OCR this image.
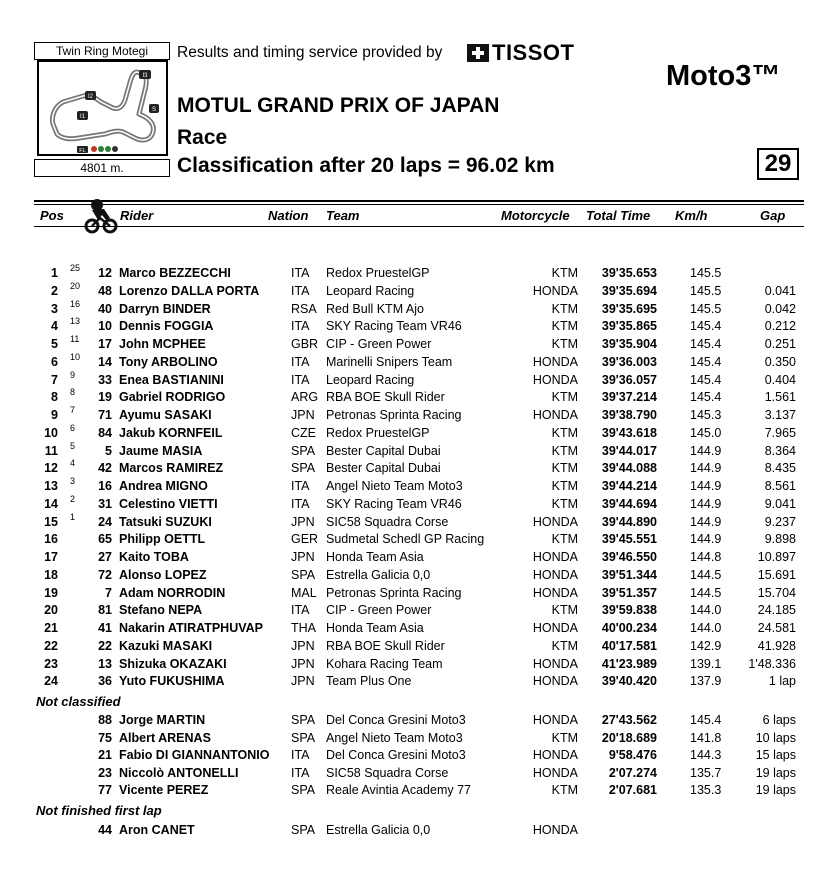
Twin Ring Motegi
I3
I2
I1
S
FL
4801 m.
Results and timing service provided by TISSOT
Moto3™
MOTUL GRAND PRIX OF JAPAN
Race
Classification after 20 laps = 96.02 km	29
Pos	Rider	Nation Team	Motorcycle Total Time Km/h	Gap
1 25 12 Marco BEZZECCHI	ITA Redox PruestelGP	KTM 39'35.653	145.5
2 20 48 Lorenzo DALLA PORTA	ITA Leopard Racing	HONDA 39'35.694	145.5	0.041
3 16 40 Darryn BINDER	RSA Red Bull KTM Ajo	KTM 39'35.695	145.5	0.042
4 13 10 Dennis FOGGIA	ITA SKY Racing Team VR46	KTM 39'35.865	145.4	0.212
5 11 17 John MCPHEE	GBR CIP - Green Power	KTM 39'35.904	145.4	0.251
6 10 14 Tony ARBOLINO	ITA Marinelli Snipers Team	HONDA 39'36.003	145.4	0.350
7 9 33 Enea BASTIANINI	ITA Leopard Racing	HONDA 39'36.057	145.4	0.404
8 8 19 Gabriel RODRIGO	ARG RBA BOE Skull Rider	KTM 39'37.214	145.4	1.561
9 7 71 Ayumu SASAKI	JPN Petronas Sprinta Racing	HONDA 39'38.790	145.3	3.137
10 6 84 Jakub KORNFEIL	CZE Redox PruestelGP	KTM 39'43.618	145.0	7.965
11 5 5 Jaume MASIA	SPA Bester Capital Dubai	KTM 39'44.017	144.9	8.364
12 4 42 Marcos RAMIREZ	SPA Bester Capital Dubai	KTM 39'44.088	144.9	8.435
13 3 16 Andrea MIGNO	ITA Angel Nieto Team Moto3	KTM 39'44.214	144.9	8.561
14 2 31 Celestino VIETTI	ITA SKY Racing Team VR46	KTM 39'44.694	144.9	9.041
15 1 24 Tatsuki SUZUKI	JPN SIC58 Squadra Corse	HONDA 39'44.890	144.9	9.237
16	65 Philipp OETTL	GER Sudmetal Schedl GP Racing	KTM 39'45.551	144.9	9.898
17	27 Kaito TOBA	JPN Honda Team Asia	HONDA 39'46.550	144.8	10.897
18	72 Alonso LOPEZ	SPA Estrella Galicia 0,0	HONDA 39'51.344	144.5	15.691
19	7 Adam NORRODIN	MAL Petronas Sprinta Racing	HONDA 39'51.357	144.5	15.704
20	81 Stefano NEPA	ITA CIP - Green Power	KTM 39'59.838	144.0	24.185
21	41 Nakarin ATIRATPHUVAP THA Honda Team Asia	HONDA 40'00.234	144.0	24.581
22	22 Kazuki MASAKI	JPN RBA BOE Skull Rider	KTM 40'17.581	142.9	41.928
23	13 Shizuka OKAZAKI	JPN Kohara Racing Team	HONDA 41'23.989	139.1 1'48.336
24	36 Yuto FUKUSHIMA	JPN Team Plus One	HONDA 39'40.420	137.9	1 lap
88 Jorge MARTIN	SPA Del Conca Gresini Moto3	HONDA 27'43.562	145.4	6 laps
75 Albert ARENAS	SPA Angel Nieto Team Moto3	KTM 20'18.689	141.8	10 laps
21 Fabio DI GIANNANTONIO ITA Del Conca Gresini Moto3	HONDA 9'58.476	144.3	15 laps
23 Niccolò ANTONELLI	ITA SIC58 Squadra Corse	HONDA 2'07.274	135.7	19 laps
77 Vicente PEREZ	SPA Reale Avintia Academy 77	KTM 2'07.681	135.3	19 laps
44 Aron CANET	SPA Estrella Galicia 0,0	HONDA
Not classified
Not finished first lap
